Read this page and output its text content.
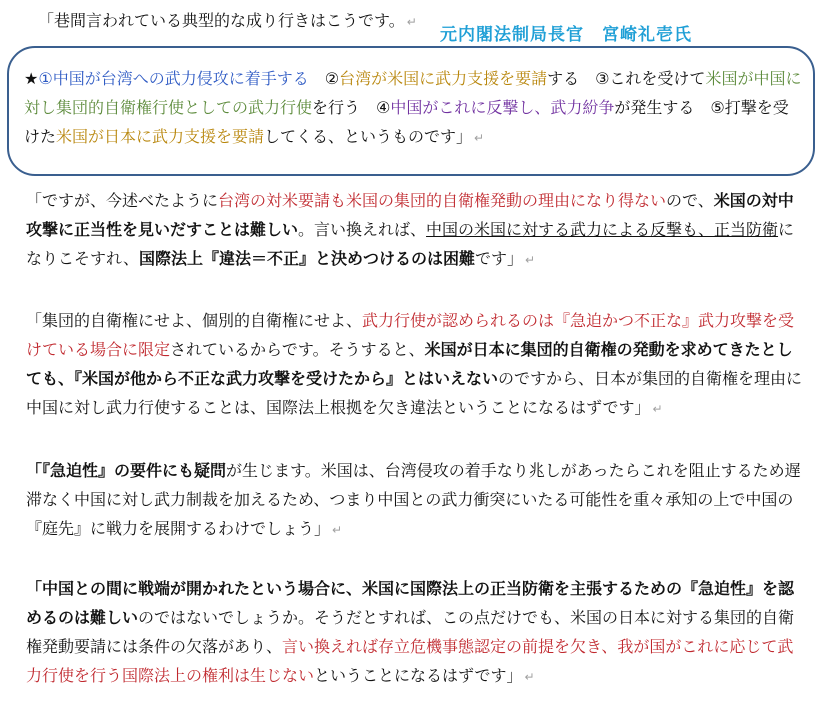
「巷間言われている典型的な成り行きはこうです。 ↵
元内閣法制局長官　宮崎礼壱氏
★①中国が台湾への武力侵攻に着手する　②台湾が米国に武力支援を要請する　③これを受けて米国が中国に対し集団的自衛権行使としての武力行使を行う　④中国がこれに反撃し、武力紛争が発生する　⑤打撃を受けた米国が日本に武力支援を要請してくる、というものです」 ↵
「ですが、今述べたように台湾の対米要請も米国の集団的自衛権発動の理由になり得ないので、米国の対中攻撃に正当性を見いだすことは難しい。言い換えれば、中国の米国に対する武力による反撃も、正当防衛になりこそすれ、国際法上『違法＝不正』と決めつけるのは困難です」 ↵
「集団的自衛権にせよ、個別的自衛権にせよ、武力行使が認められるのは『急迫かつ不正な』武力攻撃を受けている場合に限定されているからです。そうすると、米国が日本に集団的自衛権の発動を求めてきたとしても、『米国が他から不正な武力攻撃を受けたから』とはいえないのですから、日本が集団的自衛権を理由に中国に対し武力行使することは、国際法上根拠を欠き違法ということになるはずです」 ↵
「『急迫性』の要件にも疑問が生じます。米国は、台湾侵攻の着手なり兆しがあったらこれを阻止するため遅滞なく中国に対し武力制裁を加えるため、つまり中国との武力衝突にいたる可能性を重々承知の上で中国の『庭先』に戦力を展開するわけでしょう」 ↵
「中国との間に戦端が開かれたという場合に、米国に国際法上の正当防衛を主張するための『急迫性』を認めるのは難しいのではないでしょうか。そうだとすれば、この点だけでも、米国の日本に対する集団的自衛権発動要請には条件の欠落があり、言い換えれば存立危機事態認定の前提を欠き、我が国がこれに応じて武力行使を行う国際法上の権利は生じないということになるはずです」 ↵
